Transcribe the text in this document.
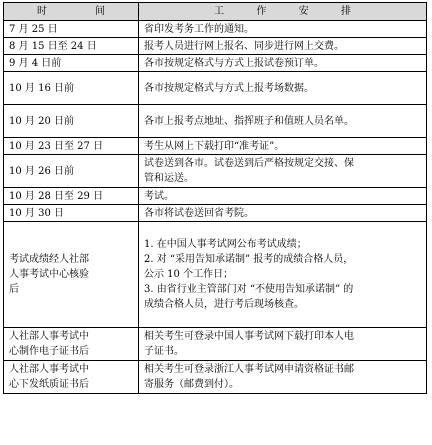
时 间	工 作 安 排

7 月 25 日	省印发考务工作的通知。

8 月 15 日至 24 日	报考人员进行网上报名、同步进行网上交费。

9 月 4 日前	各市按规定格式与方式上报试卷预订单。

10 月 16 日前	各市按规定格式与方式上报考场数据。

10 月 20 日前	各市上报考点地址、指挥班子和值班人员名单。

10 月 23 日至 27 日	考生从网上下载打印“准考证”。

10 月 26 日前	试卷送到各市。试卷送到后严格按规定交接、保
管和运送。

10 月 28 日至 29 日	考试。

10 月 30 日	各市将试卷送回省考院。

考试成绩经人社部
人事考试中心核验
后	1. 在中国人事考试网公布考试成绩；
2. 对 “采用告知承诺制” 报考的成绩合格人员，
公示 10 个工作日；
3. 由省行业主管部门对 “不使用告知承诺制” 的
成绩合格人员，进行考后现场核查。

人社部人事考试中
心制作电子证书后	相关考生可登录中国人事考试网下载打印本人电
子证书。

人社部人事考试中
心下发纸质证书后	相关考生可登录浙江人事考试网申请资格证书邮
寄服务（邮费到付）。
